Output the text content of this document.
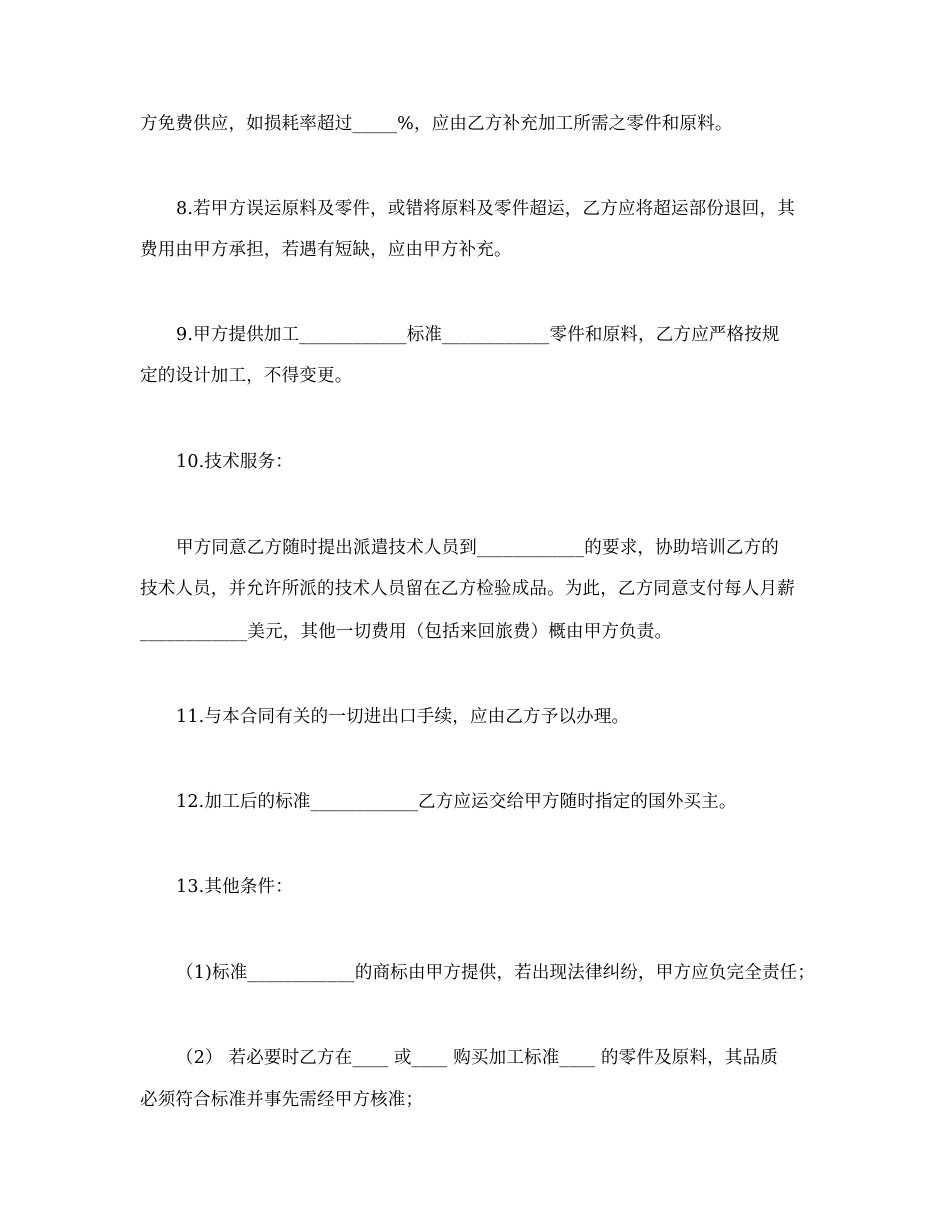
方免费供应，如损耗率超过_____%，应由乙方补充加工所需之零件和原料。
8.若甲方误运原料及零件，或错将原料及零件超运，乙方应将超运部份退回，其
费用由甲方承担，若遇有短缺，应由甲方补充。
9.甲方提供加工____________标准____________零件和原料，乙方应严格按规
定的设计加工，不得变更。
10.技术服务：
甲方同意乙方随时提出派遣技术人员到____________的要求，协助培训乙方的
技术人员，并允许所派的技术人员留在乙方检验成品。为此，乙方同意支付每人月薪
____________美元，其他一切费用（包括来回旅费）概由甲方负责。
11.与本合同有关的一切进出口手续，应由乙方予以办理。
12.加工后的标准____________乙方应运交给甲方随时指定的国外买主。
13.其他条件：
（1)标准____________的商标由甲方提供，若出现法律纠纷，甲方应负完全责任；
（2） 若必要时乙方在____ 或____ 购买加工标准____ 的零件及原料，其品质
必须符合标准并事先需经甲方核准；
